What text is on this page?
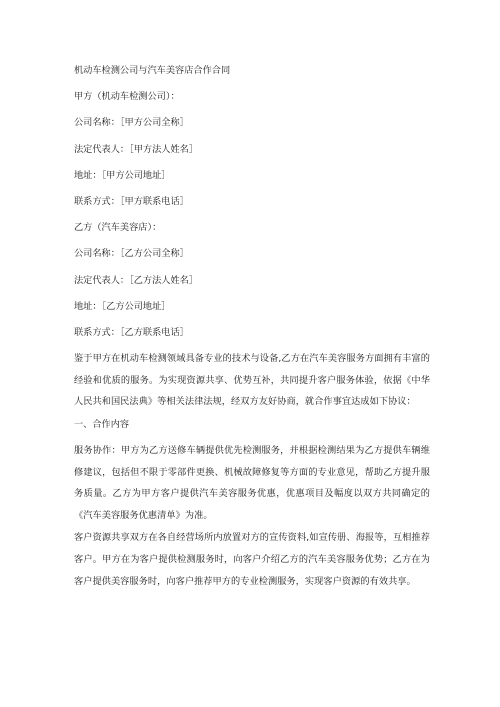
机动车检测公司与汽车美容店合作合同
甲方（机动车检测公司）：
公司名称：［甲方公司全称］
法定代表人：［甲方法人姓名］
地址：［甲方公司地址］
联系方式：［甲方联系电话］
乙方（汽车美容店）：
公司名称：［乙方公司全称］
法定代表人：［乙方法人姓名］
地址：［乙方公司地址］
联系方式：［乙方联系电话］
鉴于甲方在机动车检测领域具备专业的技术与设备,乙方在汽车美容服务方面拥有丰富的经验和优质的服务。为实现资源共享、优势互补，共同提升客户服务体验，依据《中华人民共和国民法典》等相关法律法规，经双方友好协商，就合作事宜达成如下协议：
一、合作内容
服务协作：甲方为乙方送修车辆提供优先检测服务，并根据检测结果为乙方提供车辆维修建议，包括但不限于零部件更换、机械故障修复等方面的专业意见，帮助乙方提升服务质量。乙方为甲方客户提供汽车美容服务优惠，优惠项目及幅度以双方共同确定的《汽车美容服务优惠清单》为准。
客户资源共享双方在各自经营场所内放置对方的宣传资料,如宣传册、海报等，互相推荐客户。甲方在为客户提供检测服务时，向客户介绍乙方的汽车美容服务优势；乙方在为客户提供美容服务时，向客户推荐甲方的专业检测服务，实现客户资源的有效共享。
